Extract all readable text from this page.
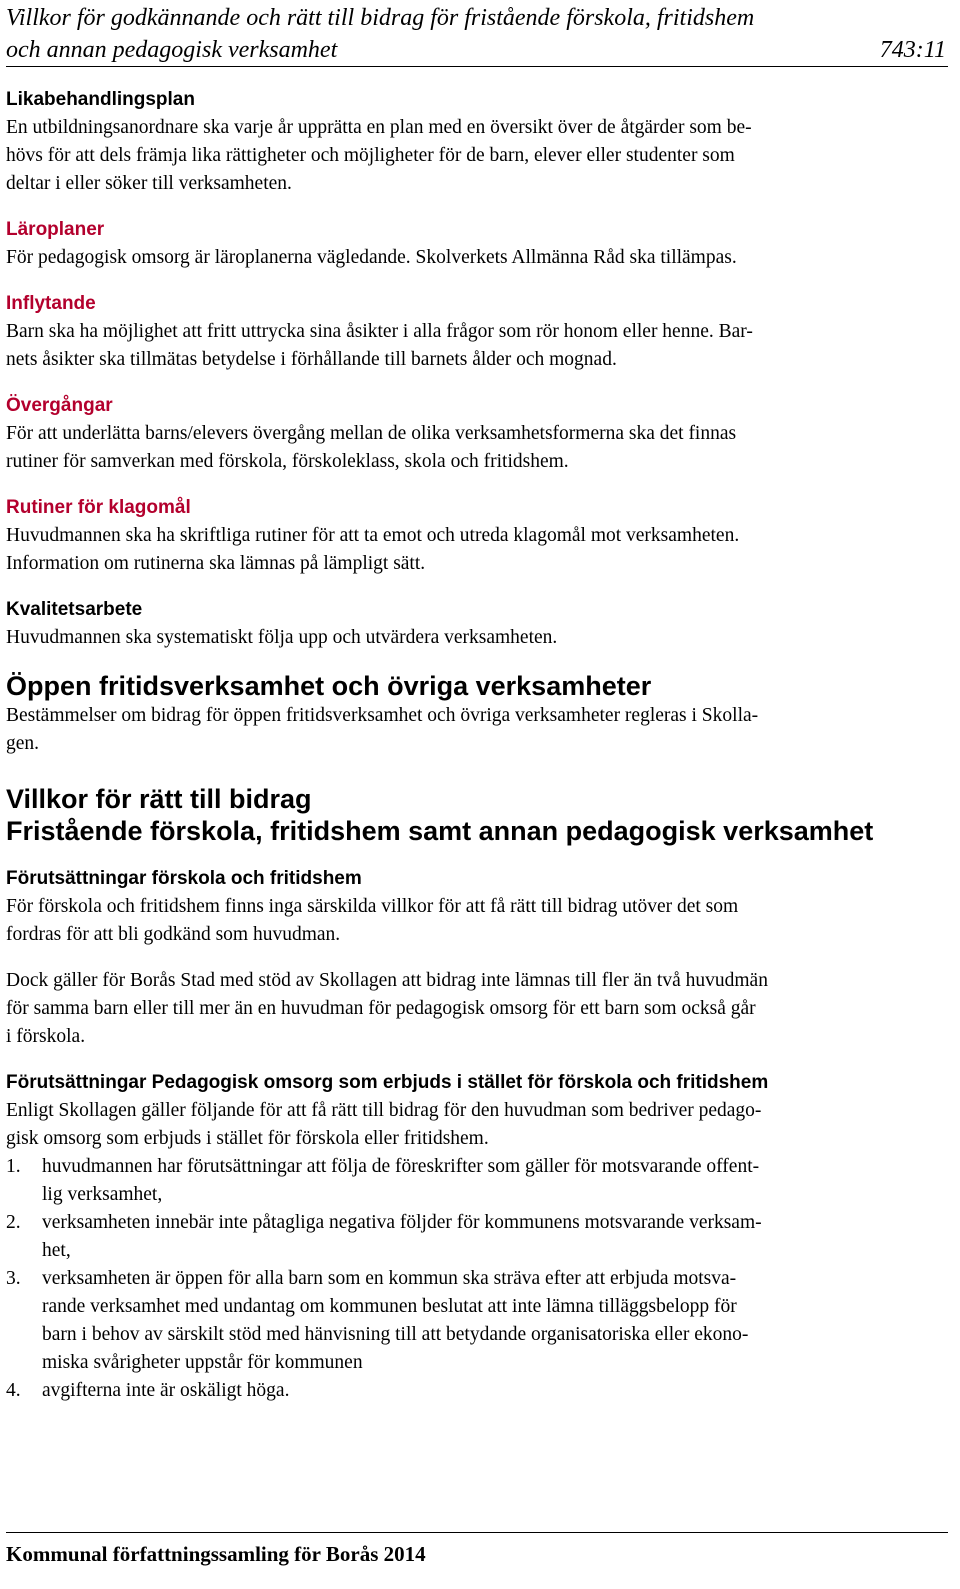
Villkor för godkännande och rätt till bidrag för fristående förskola, fritidshem
och annan pedagogisk verksamhet	743:11
Likabehandlingsplan

En utbildningsanordnare ska varje år upprätta en plan med en översikt över de åtgärder som be-

hövs för att dels främja lika rättigheter och möjligheter för de barn, elever eller studenter som

deltar i eller söker till verksamheten.

Läroplaner

För pedagogisk omsorg är läroplanerna vägledande. Skolverkets Allmänna Råd ska tillämpas.

Inflytande

Barn ska ha möjlighet att fritt uttrycka sina åsikter i alla frågor som rör honom eller henne. Bar-

nets åsikter ska tillmätas betydelse i förhållande till barnets ålder och mognad.

Övergångar

För att underlätta barns/elevers övergång mellan de olika verksamhetsformerna ska det finnas

rutiner för samverkan med förskola, förskoleklass, skola och fritidshem.

Rutiner för klagomål

Huvudmannen ska ha skriftliga rutiner för att ta emot och utreda klagomål mot verksamheten.

Information om rutinerna ska lämnas på lämpligt sätt.

Kvalitetsarbete

Huvudmannen ska systematiskt följa upp och utvärdera verksamheten.

Öppen fritidsverksamhet och övriga verksamheter

Bestämmelser om bidrag för öppen fritidsverksamhet och övriga verksamheter regleras i Skolla-

gen.

Villkor för rätt till bidrag
Fristående förskola, fritidshem samt annan pedagogisk verksamhet
Förutsättningar förskola och fritidshem

För förskola och fritidshem finns inga särskilda villkor för att få rätt till bidrag utöver det som

fordras för att bli godkänd som huvudman.

Dock gäller för Borås Stad med stöd av Skollagen att bidrag inte lämnas till fler än två huvudmän

för samma barn eller till mer än en huvudman för pedagogisk omsorg för ett barn som också går

i förskola.

Förutsättningar Pedagogisk omsorg som erbjuds i stället för förskola och fritidshem

Enligt Skollagen gäller följande för att få rätt till bidrag för den huvudman som bedriver pedago-

gisk omsorg som erbjuds i stället för förskola eller fritidshem.

1. huvudmannen har förutsättningar att följa de föreskrifter som gäller för motsvarande offent-
lig verksamhet,
2. verksamheten innebär inte påtagliga negativa följder för kommunens motsvarande verksam-
het,
3. verksamheten är öppen för alla barn som en kommun ska sträva efter att erbjuda motsva-
rande verksamhet med undantag om kommunen beslutat att inte lämna tilläggsbelopp för
barn i behov av särskilt stöd med hänvisning till att betydande organisatoriska eller ekono-
miska svårigheter uppstår för kommunen
4. avgifterna inte är oskäligt höga.
Kommunal författningssamling för Borås 2014
